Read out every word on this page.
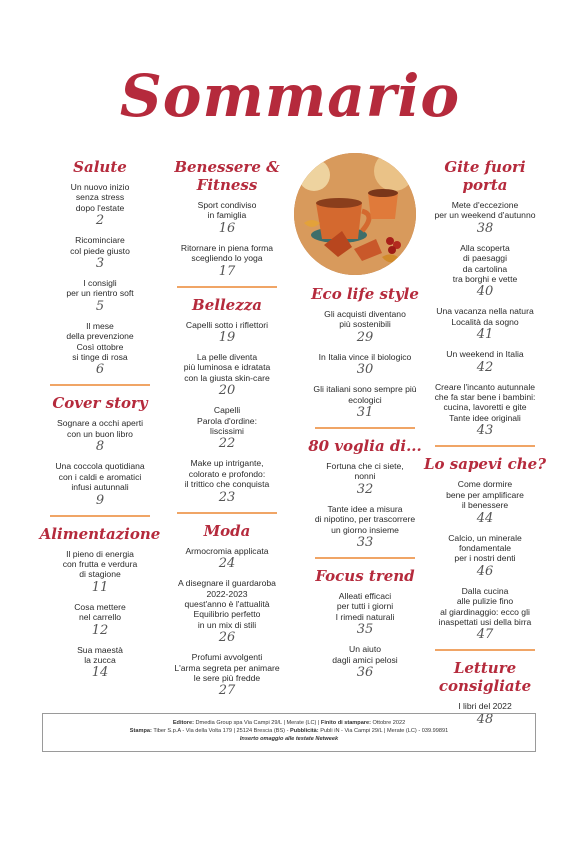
Sommario
Salute
Un nuovo inizio
senza stress
dopo l'estate
2
Ricominciare
col piede giusto
3
I consigli
per un rientro soft
5
Il mese
della prevenzione
Così ottobre
si tinge di rosa
6
Cover story
Sognare a occhi aperti
con un buon libro
8
Una coccola quotidiana
con i caldi e aromatici
infusi autunnali
9
Alimentazione
Il pieno di energia
con frutta e verdura
di stagione
11
Cosa mettere
nel carrello
12
Sua maestà
la zucca
14
Benessere & Fitness
Sport condiviso
in famiglia
16
Ritornare in piena forma
scegliendo lo yoga
17
Bellezza
Capelli sotto i riflettori
19
La pelle diventa
più luminosa e idratata
con la giusta skin-care
20
Capelli
Parola d'ordine:
liscissimi
22
Make up intrigante,
colorato e profondo:
il trittico che conquista
23
Moda
Armocromia applicata
24
A disegnare il guardaroba
2022-2023
quest'anno è l'attualità
Equilibrio perfetto
in un mix di stili
26
Profumi avvolgenti
L'arma segreta per animare
le sere più fredde
27
Eco life style
Gli acquisti diventano
più sostenibili
29
In Italia vince il biologico
30
Gli italiani sono sempre più
ecologici
31
80 voglia di...
Fortuna che ci siete,
nonni
32
Tante idee a misura
di nipotino, per trascorrere
un giorno insieme
33
Focus trend
Alleati efficaci
per tutti i giorni
I rimedi naturali
35
Un aiuto
dagli amici pelosi
36
Gite fuori porta
Mete d'eccezione
per un weekend d'autunno
38
Alla scoperta
di paesaggi
da cartolina
tra borghi e vette
40
Una vacanza nella natura
Località da sogno
41
Un weekend in Italia
42
Creare l'incanto autunnale
che fa star bene i bambini:
cucina, lavoretti e gite
Tante idee originali
43
Lo sapevi che?
Come dormire
bene per amplificare
il benessere
44
Calcio, un minerale
fondamentale
per i nostri denti
46
Dalla cucina
alle pulizie fino
al giardinaggio: ecco gli
inaspettati usi della birra
47
Letture consigliate
I libri del 2022
48
Editore: Dmedia Group spa Via Campi 29/L | Merate (LC) | Finito di stampare: Ottobre 2022
Stampa: Tiber S.p.A - Via della Volta 179 | 25124 Brescia (BS) - Pubblicità: Publi iN - Via Campi 29/L | Merate (LC) - 039.99891
Inserto omaggio alle testate Netweek
